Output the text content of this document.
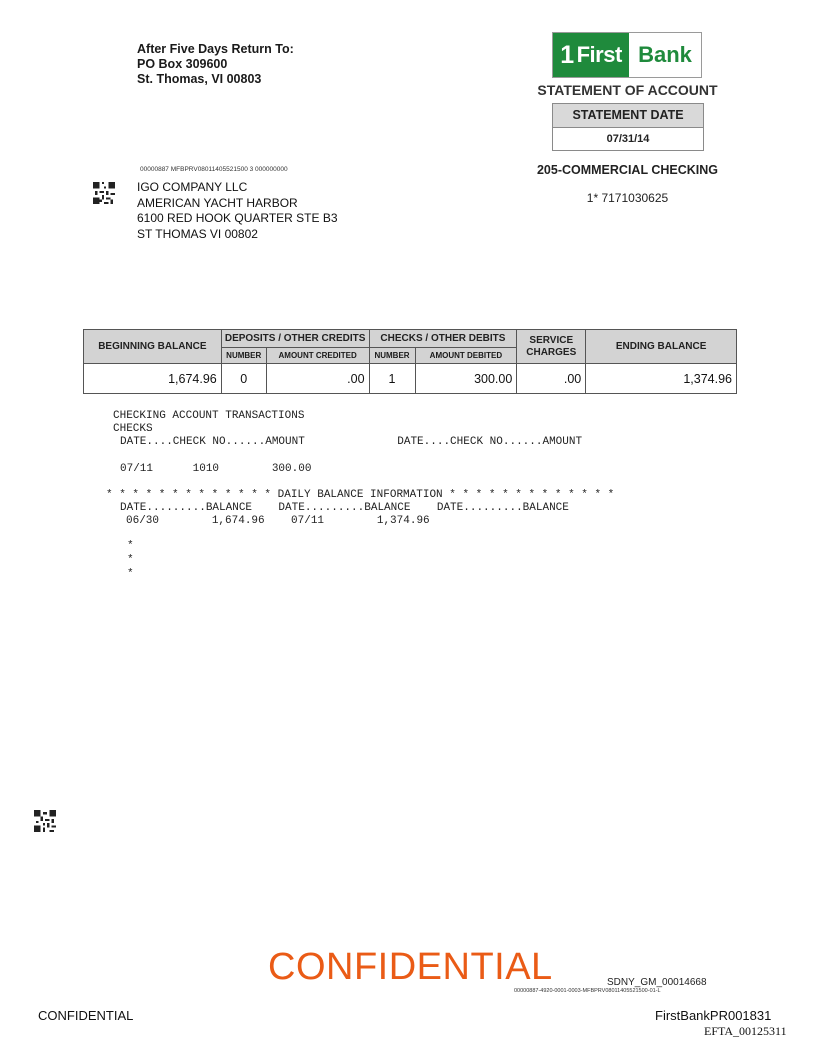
After Five Days Return To:
PO Box 309600
St. Thomas, VI 00803
1 First Bank
STATEMENT OF ACCOUNT
STATEMENT DATE
07/31/14
205-COMMERCIAL CHECKING
1* 7171030625
00000887 MFBPRV08011405521500 3 000000000
IGO COMPANY LLC
AMERICAN YACHT HARBOR
6100 RED HOOK QUARTER STE B3
ST THOMAS VI 00802
BEGINNING BALANCE	DEPOSITS / OTHER CREDITS		CHECKS / OTHER DEBITS		SERVICE CHARGES	ENDING BALANCE
	NUMBER	AMOUNT CREDITED	NUMBER	AMOUNT DEBITED		
1,674.96	0	.00	1	300.00	.00	1,374.96
CHECKING ACCOUNT TRANSACTIONS
CHECKS
DATE....CHECK NO......AMOUNT              DATE....CHECK NO......AMOUNT
07/11      1010        300.00
* * * * * * * * * * * * * DAILY BALANCE INFORMATION * * * * * * * * * * * * *
DATE.........BALANCE    DATE.........BALANCE    DATE.........BALANCE
06/30        1,674.96    07/11        1,374.96
*
*
*
CONFIDENTIAL	SDNY_GM_00014668
00000887-4920-0001-0003-MFBPRV08011405521500-01-L
CONFIDENTIAL	FirstBankPR001831
EFTA_00125311
